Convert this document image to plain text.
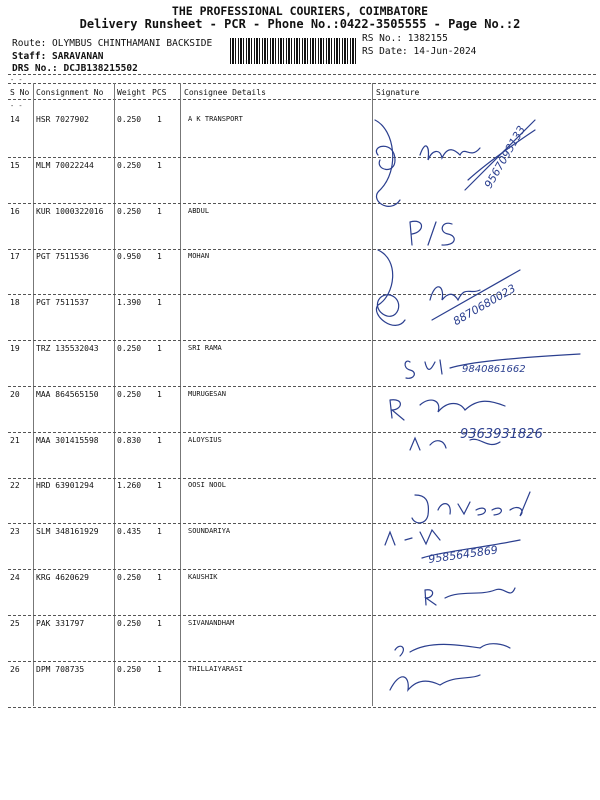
THE PROFESSIONAL COURIERS, COIMBATORE
Delivery Runsheet - PCR - Phone No.:0422-3505555 - Page No.:2
Route: OLYMBUS CHINTHAMANI BACKSIDE
Staff: SARAVANAN
DRS No.: DCJB138215502
RS No.: 1382155
RS Date: 14-Jun-2024
- -
- -
S No Consignment No Weight PCS Consignee Details	Signature
14 HSR 7027902	0.250 1	A K TRANSPORT
15 MLM 70022244	0.250 1
16 KUR 1000322016 0.250 1	ABDUL
17 PGT 7511536	0.950 1	MOHAN
18 PGT 7511537	1.390 1
19 TRZ 135532043 0.250 1	SRI RAMA
20 MAA 864565150 0.250 1	MURUGESAN
21 MAA 301415598 0.830 1	ALOYSIUS
22 HRD 63901294	1.260 1	OOSI NOOL
23 SLM 348161929 0.435 1	SOUNDARIYA
24 KRG 4620629	0.250 1	KAUSHIK
25 PAK 331797	0.250 1	SIVANANDHAM
26 DPM 708735	0.250 1	THILLAIYARASI
9567093133
8870680023
9840861662
9363931826
9585645869
